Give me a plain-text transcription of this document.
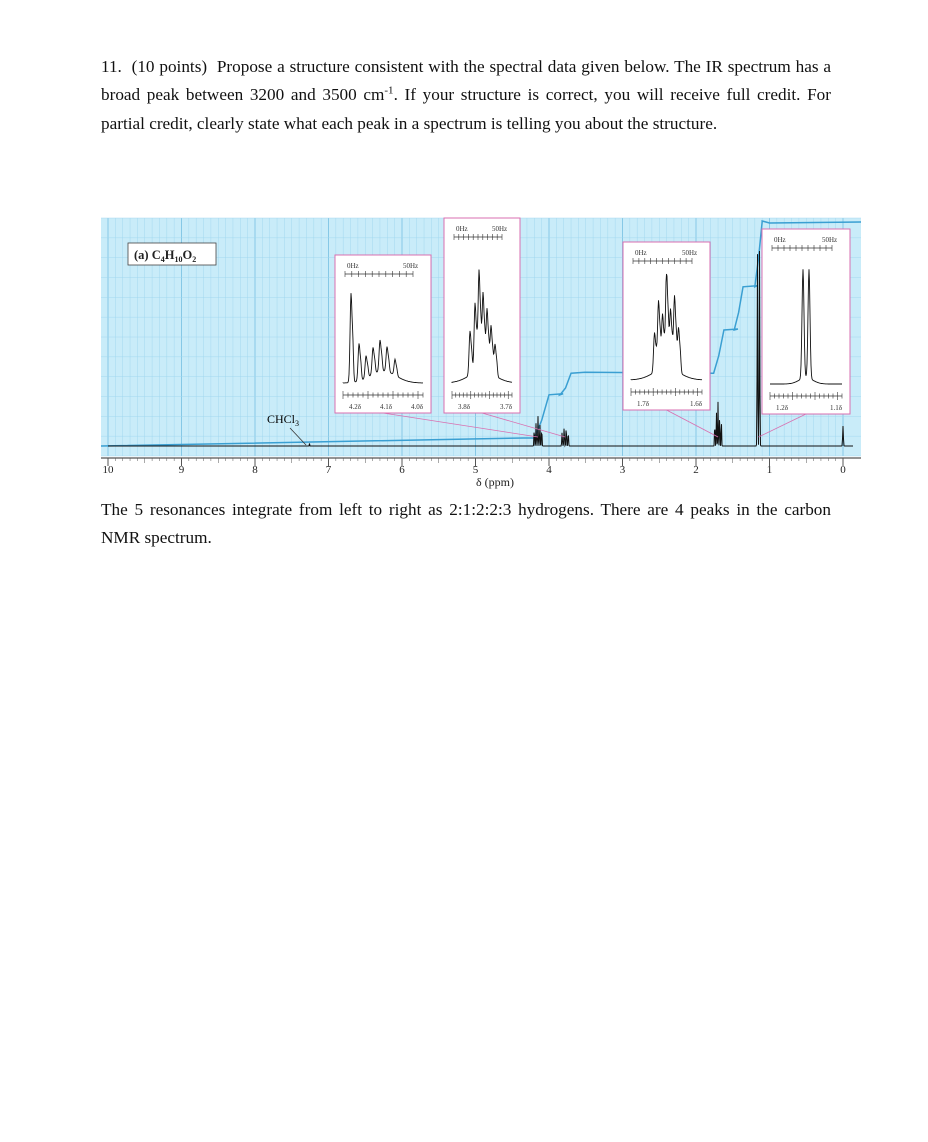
11. (10 points) Propose a structure consistent with the spectral data given below. The IR spectrum has a broad peak between 3200 and 3500 $cm^{-1}$. If your structure is correct, you will receive full credit. For partial credit, clearly state what each peak in a spectrum is telling you about the structure.

0Hz	50Hz
4.2δ	4.1δ	4.0δ
0Hz	50Hz
3.8δ	3.7δ
0Hz	50Hz
1.7δ	1.6δ
0Hz	50Hz
1.2δ	1.1δ
(a) $C_4H_{10}O_2$
CHCl$_3$
10	9	8	7	6	5	4	3	2	1	0
δ (ppm)

The 5 resonances integrate from left to right as 2:1:2:2:3 hydrogens. There are 4 peaks in the carbon NMR spectrum.
